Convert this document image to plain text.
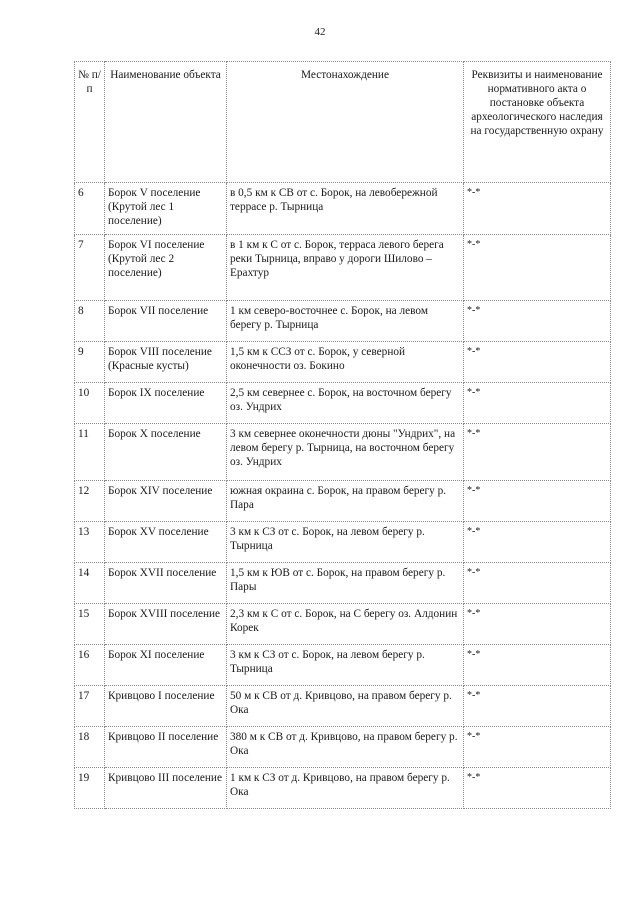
42
№ п/п	Наименование объекта	Местонахождение	Реквизиты и наименование нормативного акта о постановке объекта археологического наследия на государственную охрану
6	Борок V поселение (Крутой лес 1 поселение)	в 0,5 км к СВ от с. Борок, на левобережной террасе р. Тырница	*-*
7	Борок VI поселение (Крутой лес 2 поселение)	в 1 км к С от с. Борок, терраса левого берега реки Тырница, вправо у дороги Шилово – Ерахтур	*-*
8	Борок VII поселение	1 км северо-восточнее с. Борок, на левом берегу р. Тырница	*-*
9	Борок VIII поселение (Красные кусты)	1,5 км к ССЗ от с. Борок, у северной оконечности оз. Бокино	*-*
10	Борок IX поселение	2,5 км севернее с. Борок, на восточном берегу оз. Ундрих	*-*
11	Борок X поселение	3 км севернее оконечности дюны "Ундрих", на левом берегу р. Тырница, на восточном берегу оз. Ундрих	*-*
12	Борок XIV поселение	южная окраина с. Борок, на правом берегу р. Пара	*-*
13	Борок XV поселение	3 км к СЗ от с. Борок, на левом берегу р. Тырница	*-*
14	Борок XVII поселение	1,5 км к ЮВ от с. Борок, на правом берегу р. Пары	*-*
15	Борок XVIII поселение	2,3 км к С от с. Борок, на С берегу оз. Алдонин Корек	*-*
16	Борок XI поселение	3 км к СЗ от с. Борок, на левом берегу р. Тырница	*-*
17	Кривцово I поселение	50 м к СВ от д. Кривцово, на правом берегу р. Ока	*-*
18	Кривцово II поселение	380 м к СВ от д. Кривцово, на правом берегу р. Ока	*-*
19	Кривцово III поселение	1 км к СЗ от д. Кривцово, на правом берегу р. Ока	*-*
